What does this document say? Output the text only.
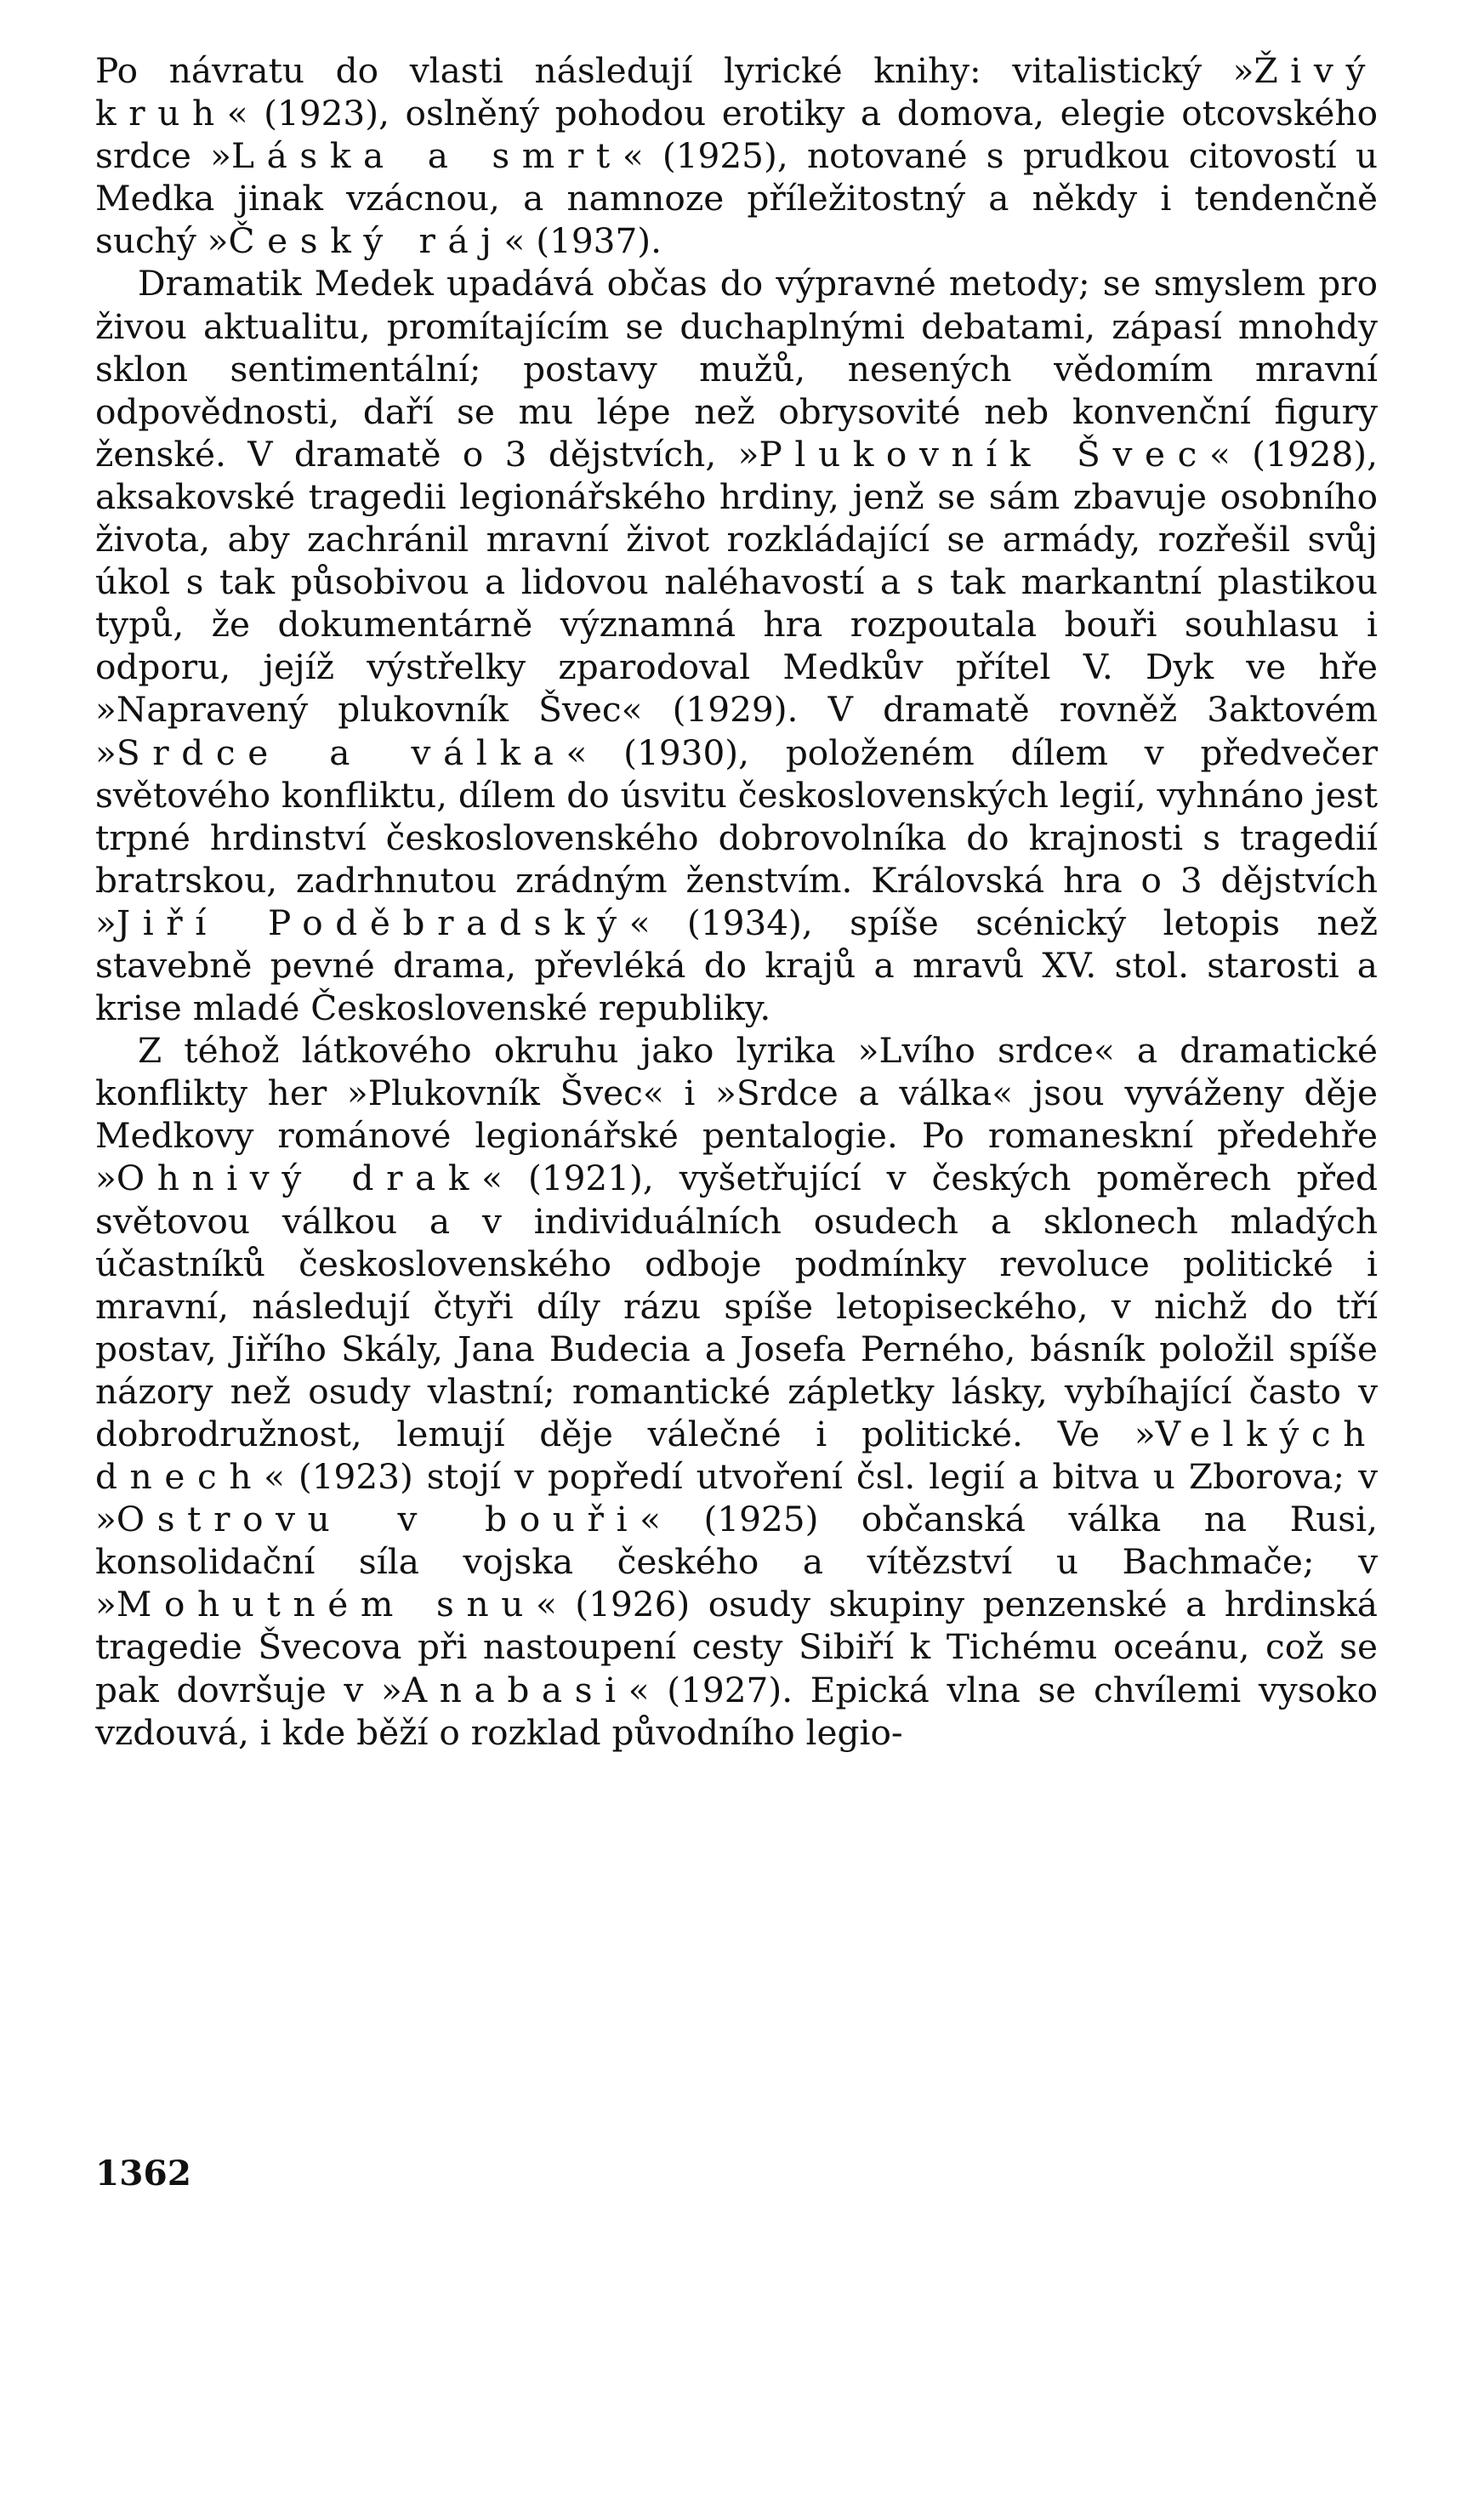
Po návratu do vlasti následují lyrické knihy: vitalistický »Živý kruh« (1923), oslněný pohodou erotiky a domova, elegie otcovského srdce »Láska a smrt« (1925), notované s prudkou citovostí u Medka jinak vzácnou, a namnoze příležitostný a někdy i tendenčně suchý »Český ráj« (1937).

Dramatik Medek upadává občas do výpravné metody; se smyslem pro živou aktualitu, promítajícím se duchaplnými debatami, zápasí mnohdy sklon sentimentální; postavy mužů, nesených vědomím mravní odpovědnosti, daří se mu lépe než obrysovité neb konvenční figury ženské. V dramatě o 3 dějstvích, »Plukovník Švec« (1928), aksakovské tragedii legionářského hrdiny, jenž se sám zbavuje osobního života, aby zachránil mravní život rozkládající se armády, rozřešil svůj úkol s tak působivou a lidovou naléhavostí a s tak markantní plastikou typů, že dokumentárně významná hra rozpoutala bouři souhlasu i odporu, jejíž výstřelky zparodoval Medkův přítel V. Dyk ve hře »Napravený plukovník Švec« (1929). V dramatě rovněž 3aktovém »Srdce a válka« (1930), položeném dílem v předvečer světového konfliktu, dílem do úsvitu československých legií, vyhnáno jest trpné hrdinství československého dobrovolníka do krajnosti s tragedií bratrskou, zadrhnutou zrádným ženstvím. Královská hra o 3 dějstvích »Jiří Poděbradský« (1934), spíše scénický letopis než stavebně pevné drama, převléká do krajů a mravů XV. stol. starosti a krise mladé Československé republiky.

Z téhož látkového okruhu jako lyrika »Lvího srdce« a dramatické konflikty her »Plukovník Švec« i »Srdce a válka« jsou vyváženy děje Medkovy románové legionářské pentalogie. Po romaneskní předehře »Ohnivý drak« (1921), vyšetřující v českých poměrech před světovou válkou a v individuálních osudech a sklonech mladých účastníků československého odboje podmínky revoluce politické i mravní, následují čtyři díly rázu spíše letopiseckého, v nichž do tří postav, Jiřího Skály, Jana Budecia a Josefa Perného, básník položil spíše názory než osudy vlastní; romantické zápletky lásky, vybíhající často v dobrodružnost, lemují děje válečné i politické. Ve »Velkých dnech« (1923) stojí v popředí utvoření čsl. legií a bitva u Zborova; v »Ostrovu v bouři« (1925) občanská válka na Rusi, konsolidační síla vojska českého a vítězství u Bachmače; v »Mohutném snu« (1926) osudy skupiny penzenské a hrdinská tragedie Švecova při nastoupení cesty Sibiří k Tichému oceánu, což se pak dovršuje v »Anabasi« (1927). Epická vlna se chvílemi vysoko vzdouvá, i kde běží o rozklad původního legio-

1362
